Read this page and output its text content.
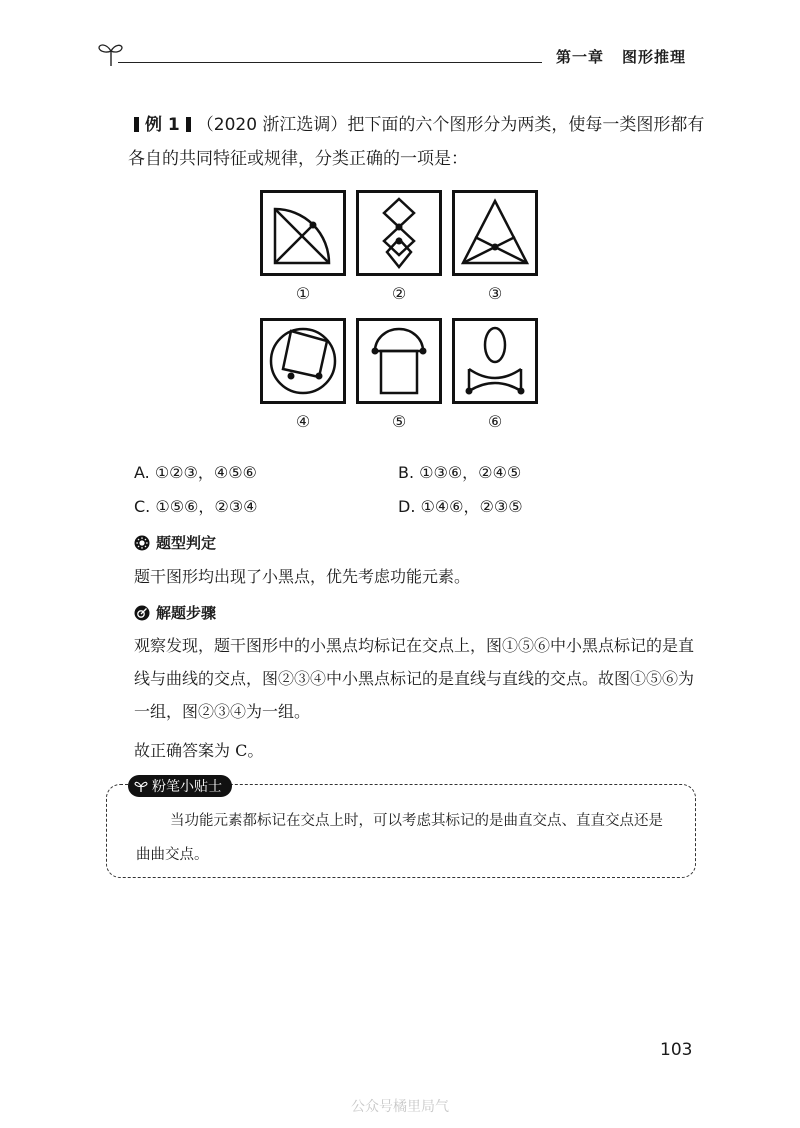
第一章 图形推理
例 1 （2020 浙江选调）把下面的六个图形分为两类，使每一类图形都有各自的共同特征或规律，分类正确的一项是：
①	②	③
④	⑤	⑥
A. ①②③，④⑤⑥	B. ①③⑥，②④⑤
C. ①⑤⑥，②③④	D. ①④⑥，②③⑤
题型判定
题干图形均出现了小黑点，优先考虑功能元素。
解题步骤
观察发现，题干图形中的小黑点均标记在交点上，图①⑤⑥中小黑点标记的是直线与曲线的交点，图②③④中小黑点标记的是直线与直线的交点。故图①⑤⑥为一组，图②③④为一组。
故正确答案为 C。
粉笔小贴士
当功能元素都标记在交点上时，可以考虑其标记的是曲直交点、直直交点还是曲曲交点。
103
公众号橘里局气
